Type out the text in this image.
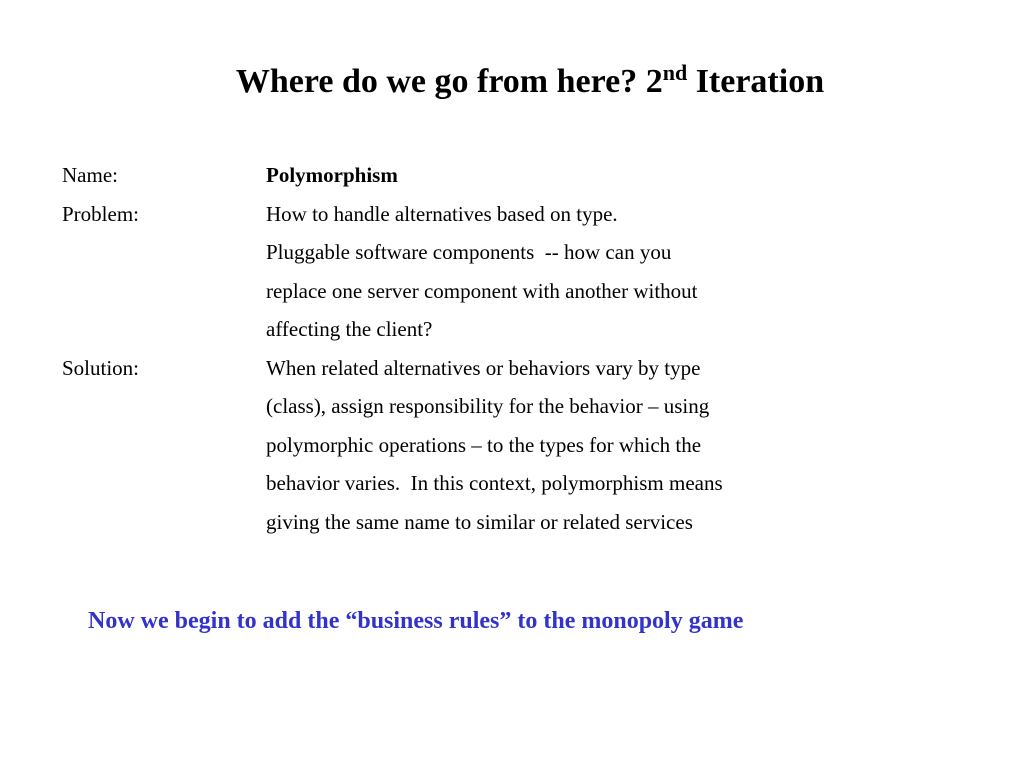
Where do we go from here? 2nd Iteration
Name:	Polymorphism
Problem:	How to handle alternatives based on type.
Pluggable software components  -- how can you
replace one server component with another without
affecting the client?
Solution:	When related alternatives or behaviors vary by type
(class), assign responsibility for the behavior – using
polymorphic operations – to the types for which the
behavior varies.  In this context, polymorphism means
giving the same name to similar or related services
Now we begin to add the “business rules” to the monopoly game
